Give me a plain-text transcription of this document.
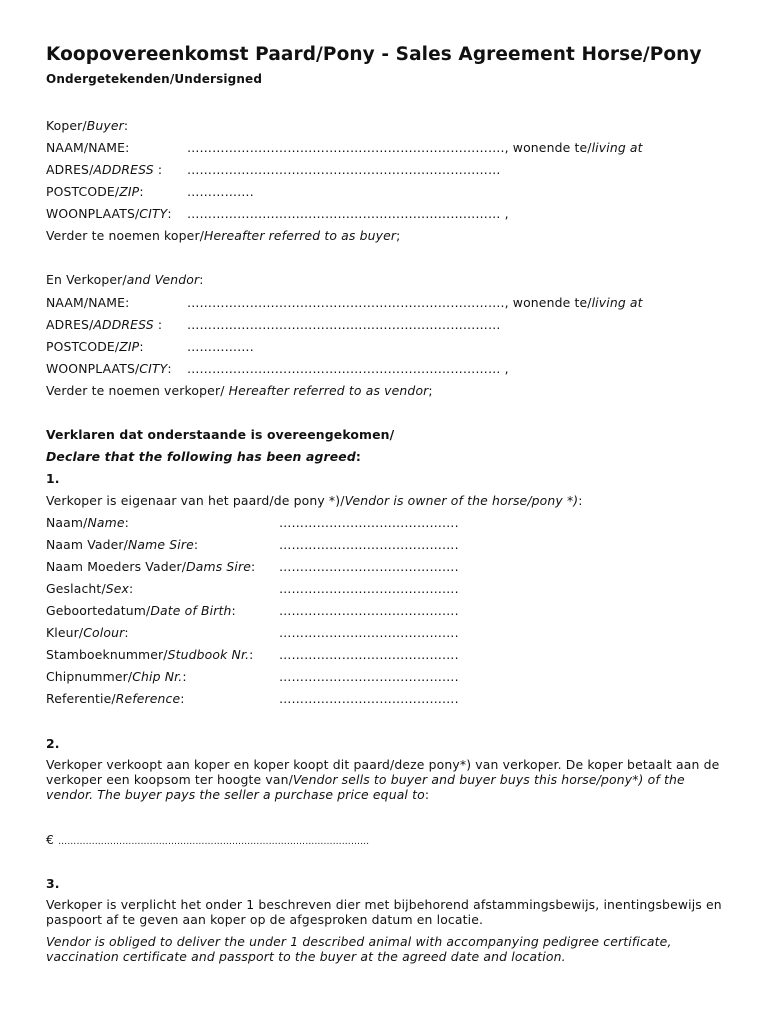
Koopovereenkomst Paard/Pony - Sales Agreement Horse/Pony
Ondergetekenden/Undersigned
Koper/Buyer:
NAAM/NAME:	…………………………………………………………………., wonende te/living at
ADRES/ADDRESS : …………………………………………………………………
POSTCODE/ZIP:	…………….
WOONPLAATS/CITY: ………………………………………………………………… ,
Verder te noemen koper/Hereafter referred to as buyer;
En Verkoper/and Vendor:
NAAM/NAME:	…………………………………………………………………., wonende te/living at
ADRES/ADDRESS : …………………………………………………………………
POSTCODE/ZIP:	…………….
WOONPLAATS/CITY: ………………………………………………………………… ,
Verder te noemen verkoper/ Hereafter referred to as vendor;
Verklaren dat onderstaande is overeengekomen/
Declare that the following has been agreed:
1.
Verkoper is eigenaar van het paard/de pony *)/Vendor is owner of the horse/pony *):
Naam/Name:	…………………………………….
Naam Vader/Name Sire:	…………………………………….
Naam Moeders Vader/Dams Sire: …………………………………….
Geslacht/Sex:	…………………………………….
Geboortedatum/Date of Birth:	…………………………………….
Kleur/Colour:	…………………………………….
Stamboeknummer/Studbook Nr.: …………………………………….
Chipnummer/Chip Nr.:	…………………………………….
Referentie/Reference:	…………………………………….
2.
Verkoper verkoopt aan koper en koper koopt dit paard/deze pony*) van verkoper. De koper betaalt aan de verkoper een koopsom ter hoogte van/Vendor sells to buyer and buyer buys this horse/pony*) of the vendor. The buyer pays the seller a purchase price equal to:
€ …………………………………………………………………………………………
3.
Verkoper is verplicht het onder 1 beschreven dier met bijbehorend afstammingsbewijs, inentingsbewijs en paspoort af te geven aan koper op de afgesproken datum en locatie.
Vendor is obliged to deliver the under 1 described animal with accompanying pedigree certificate, vaccination certificate and passport to the buyer at the agreed date and location.
